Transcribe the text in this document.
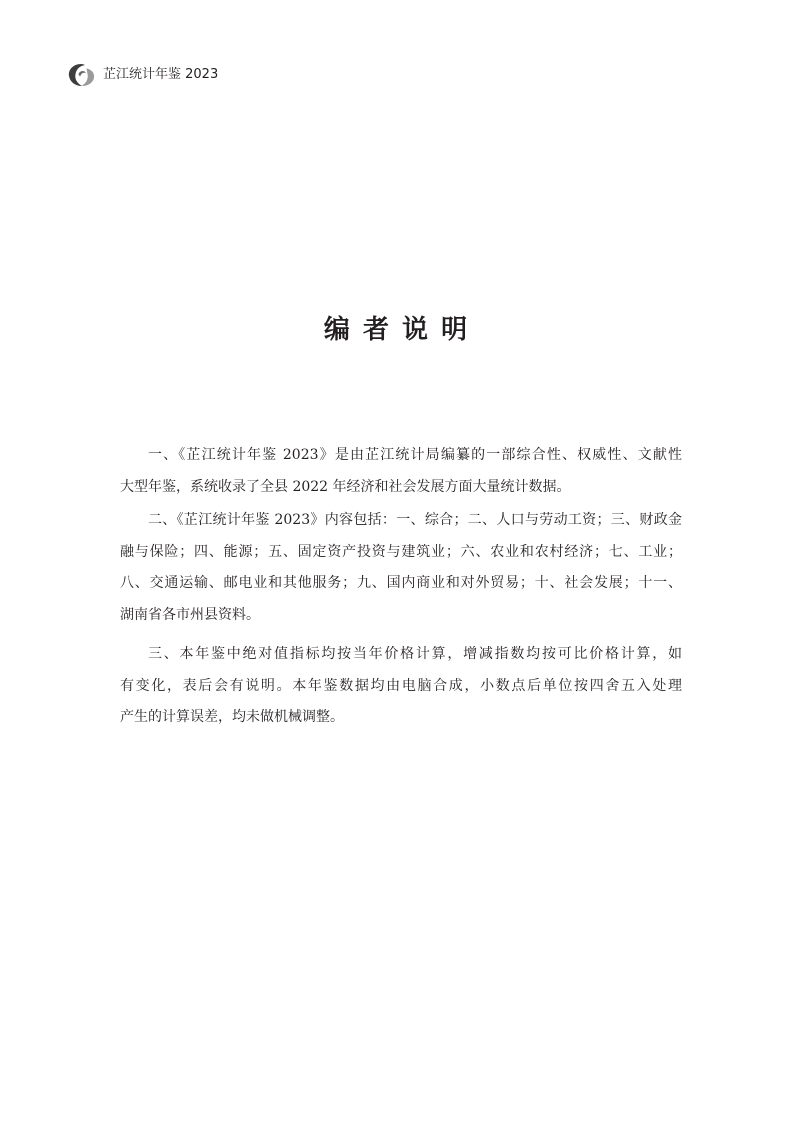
芷江统计年鉴 2023
编 者 说 明
一、《芷江统计年鉴 2023》是由芷江统计局编纂的一部综合性、权威性、文献性
大型年鉴，系统收录了全县 2022 年经济和社会发展方面大量统计数据。
二、《芷江统计年鉴 2023》内容包括：一、综合；二、人口与劳动工资；三、财政金
融与保险；四、能源；五、固定资产投资与建筑业；六、农业和农村经济；七、工业；
八、交通运输、邮电业和其他服务；九、国内商业和对外贸易；十、社会发展；十一、
湖南省各市州县资料。
三、本年鉴中绝对值指标均按当年价格计算，增减指数均按可比价格计算，如
有变化，表后会有说明。本年鉴数据均由电脑合成，小数点后单位按四舍五入处理
产生的计算误差，均未做机械调整。
